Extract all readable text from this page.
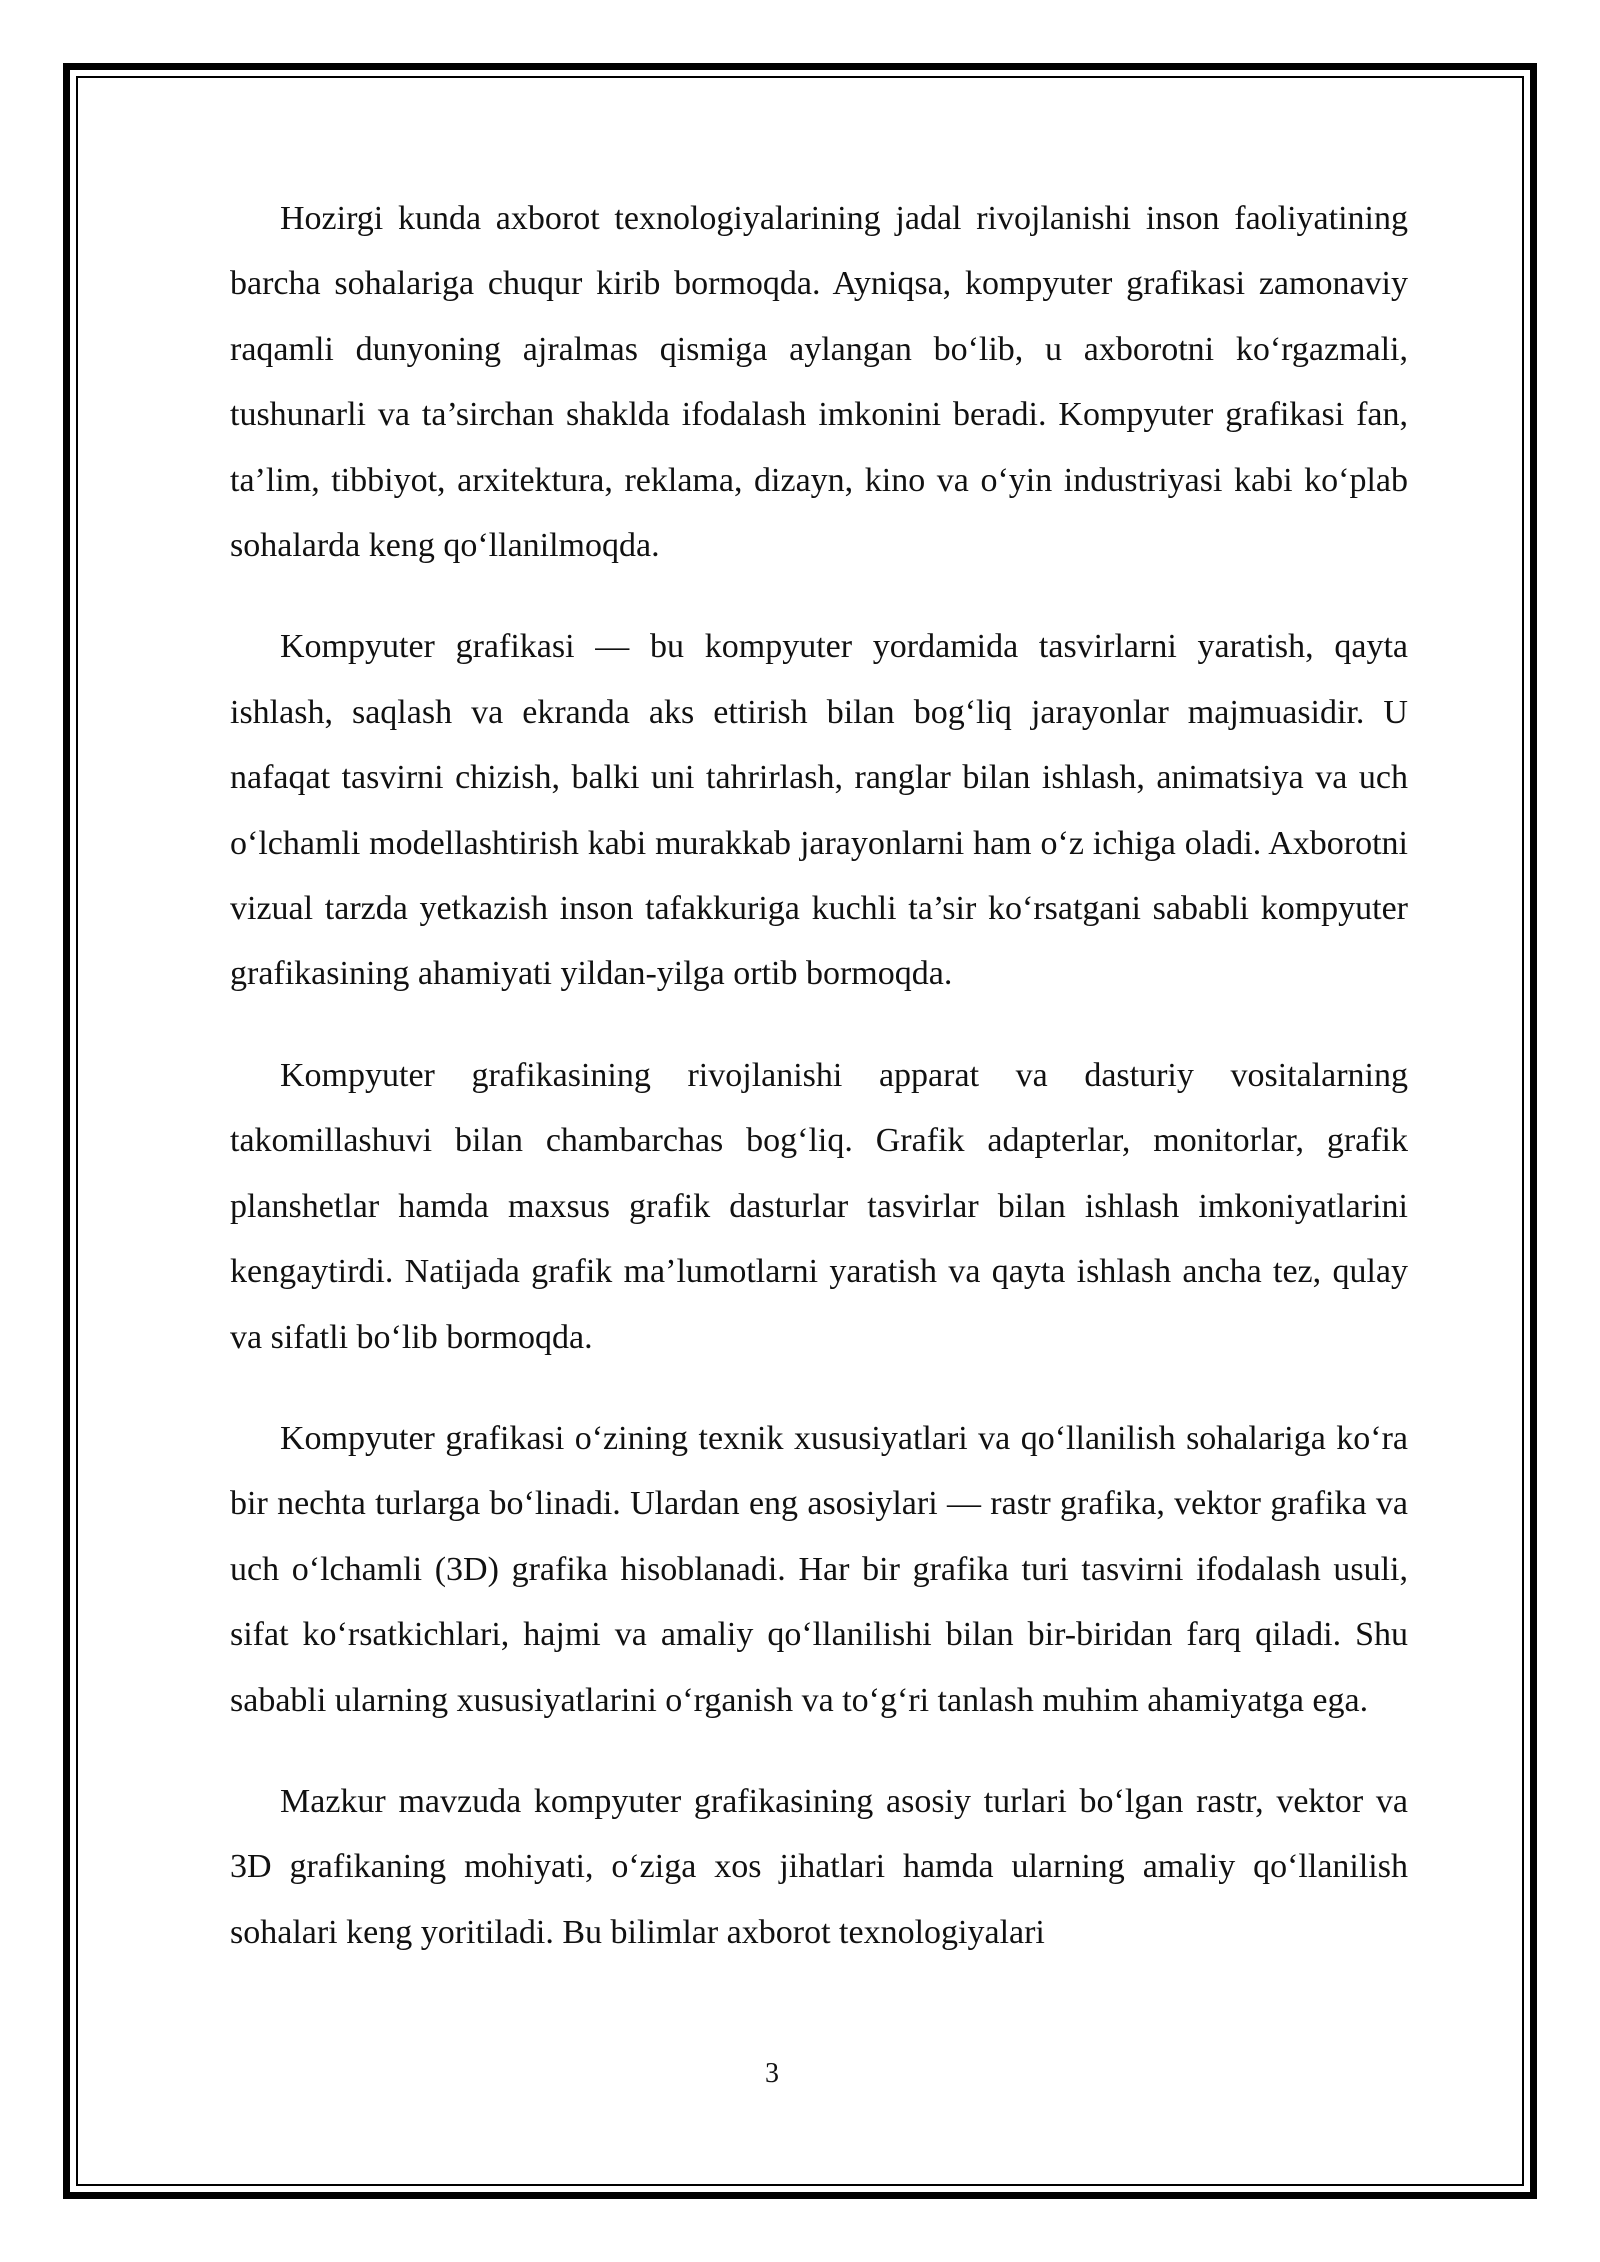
Hozirgi kunda axborot texnologiyalarining jadal rivojlanishi inson faoliyatining barcha sohalariga chuqur kirib bormoqda. Ayniqsa, kompyuter grafikasi zamonaviy raqamli dunyoning ajralmas qismiga aylangan bo‘lib, u axborotni ko‘rgazmali, tushunarli va ta’sirchan shaklda ifodalash imkonini beradi. Kompyuter grafikasi fan, ta’lim, tibbiyot, arxitektura, reklama, dizayn, kino va o‘yin industriyasi kabi ko‘plab sohalarda keng qo‘llanilmoqda.

Kompyuter grafikasi — bu kompyuter yordamida tasvirlarni yaratish, qayta ishlash, saqlash va ekranda aks ettirish bilan bog‘liq jarayonlar majmuasidir. U nafaqat tasvirni chizish, balki uni tahrirlash, ranglar bilan ishlash, animatsiya va uch o‘lchamli modellashtirish kabi murakkab jarayonlarni ham o‘z ichiga oladi. Axborotni vizual tarzda yetkazish inson tafakkuriga kuchli ta’sir ko‘rsatgani sababli kompyuter grafikasining ahamiyati yildan-yilga ortib bormoqda.

Kompyuter grafikasining rivojlanishi apparat va dasturiy vositalarning takomillashuvi bilan chambarchas bog‘liq. Grafik adapterlar, monitorlar, grafik planshetlar hamda maxsus grafik dasturlar tasvirlar bilan ishlash imkoniyatlarini kengaytirdi. Natijada grafik ma’lumotlarni yaratish va qayta ishlash ancha tez, qulay va sifatli bo‘lib bormoqda.

Kompyuter grafikasi o‘zining texnik xususiyatlari va qo‘llanilish sohalariga ko‘ra bir nechta turlarga bo‘linadi. Ulardan eng asosiylari — rastr grafika, vektor grafika va uch o‘lchamli (3D) grafika hisoblanadi. Har bir grafika turi tasvirni ifodalash usuli, sifat ko‘rsatkichlari, hajmi va amaliy qo‘llanilishi bilan bir-biridan farq qiladi. Shu sababli ularning xususiyatlarini o‘rganish va to‘g‘ri tanlash muhim ahamiyatga ega.

Mazkur mavzuda kompyuter grafikasining asosiy turlari bo‘lgan rastr, vektor va 3D grafikaning mohiyati, o‘ziga xos jihatlari hamda ularning amaliy qo‘llanilish sohalari keng yoritiladi. Bu bilimlar axborot texnologiyalari

3
